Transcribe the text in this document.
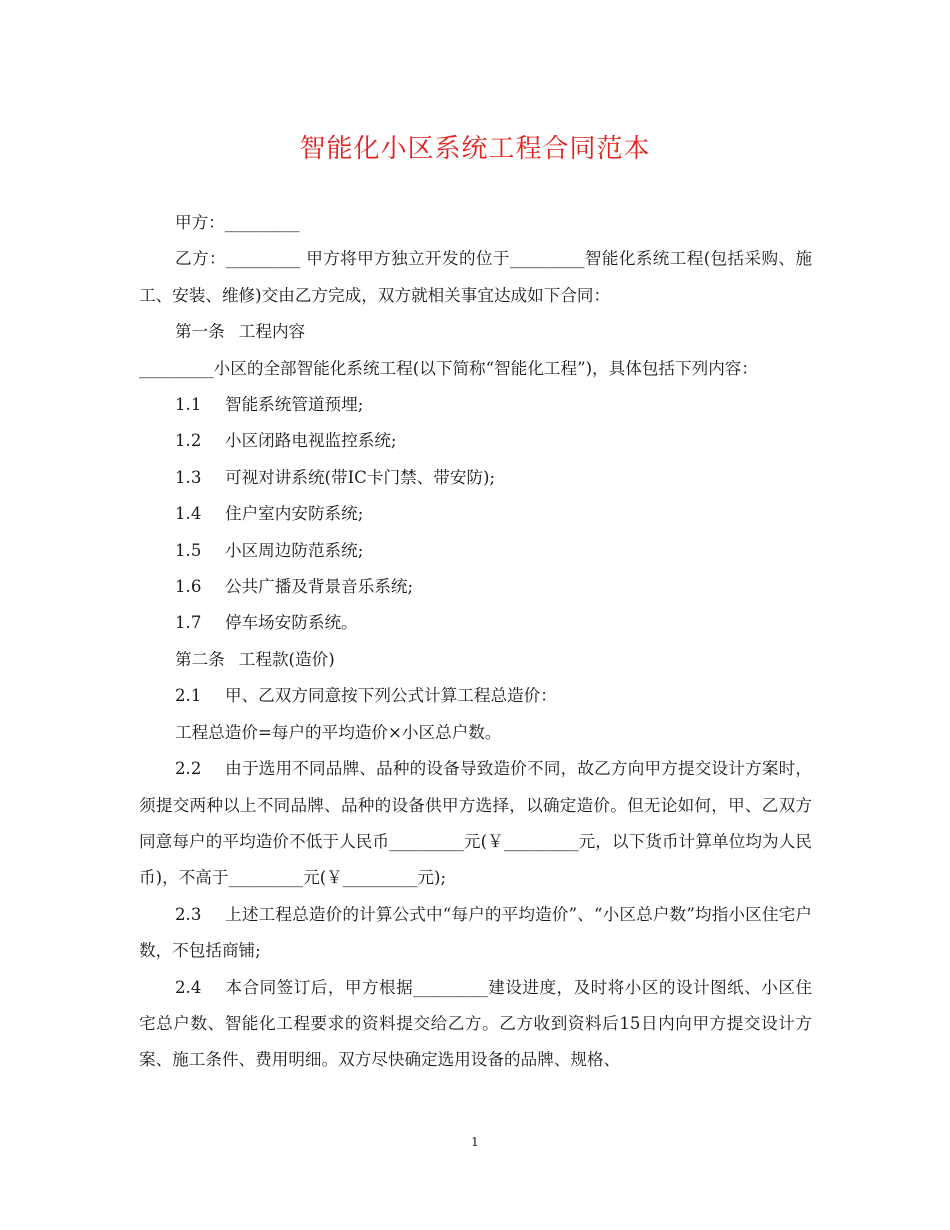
智能化小区系统工程合同范本

甲方：_________

乙方：_________ 甲方将甲方独立开发的位于_________智能化系统工程(包括采购、施工、安装、维修)交由乙方完成，双方就相关事宜达成如下合同：

第一条 工程内容

_________小区的全部智能化系统工程(以下简称“智能化工程”)，具体包括下列内容：

1.1 智能系统管道预埋;

1.2 小区闭路电视监控系统;

1.3 可视对讲系统(带IC卡门禁、带安防);

1.4 住户室内安防系统;

1.5 小区周边防范系统;

1.6 公共广播及背景音乐系统;

1.7 停车场安防系统。

第二条 工程款(造价)

2.1 甲、乙双方同意按下列公式计算工程总造价：

工程总造价=每户的平均造价×小区总户数。

2.2 由于选用不同品牌、品种的设备导致造价不同，故乙方向甲方提交设计方案时，须提交两种以上不同品牌、品种的设备供甲方选择，以确定造价。但无论如何，甲、乙双方同意每户的平均造价不低于人民币_________元(￥_________元，以下货币计算单位均为人民币)，不高于_________元(￥_________元);

2.3 上述工程总造价的计算公式中“每户的平均造价”、“小区总户数”均指小区住宅户数，不包括商铺;

2.4 本合同签订后，甲方根据_________建设进度，及时将小区的设计图纸、小区住宅总户数、智能化工程要求的资料提交给乙方。乙方收到资料后15日内向甲方提交设计方案、施工条件、费用明细。双方尽快确定选用设备的品牌、规格、

1
